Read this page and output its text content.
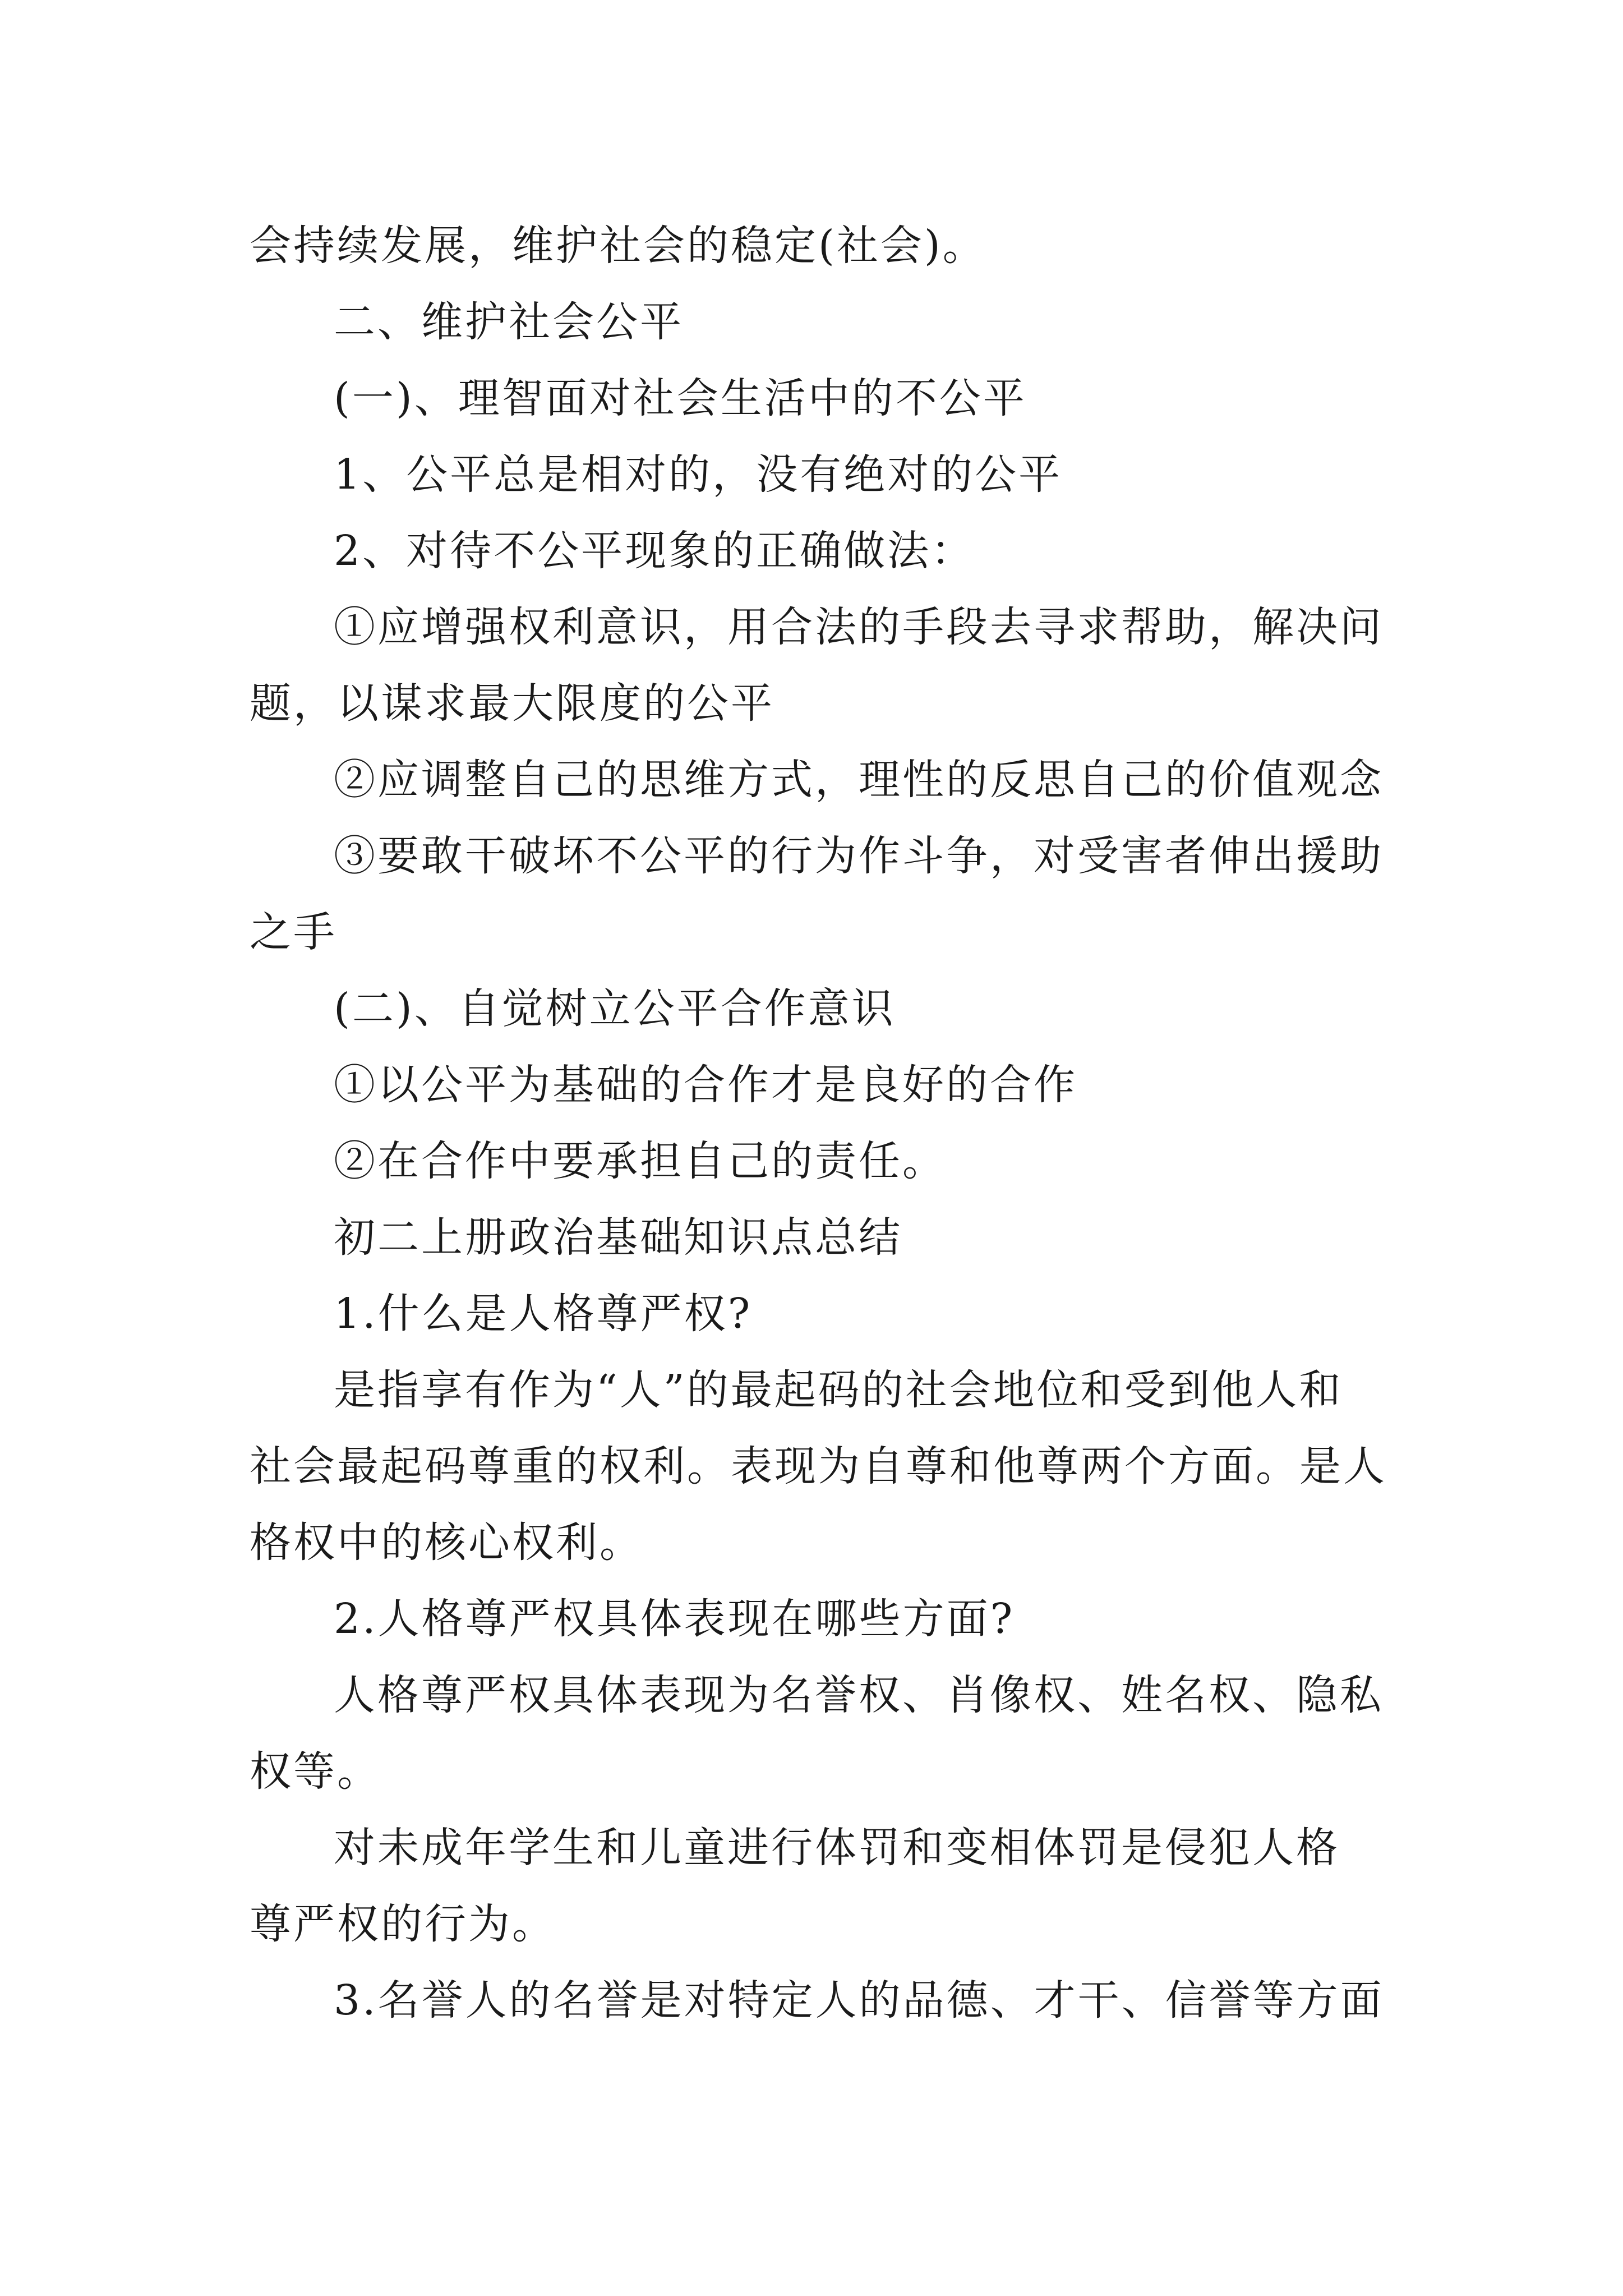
会持续发展，维护社会的稳定(社会)。
二、维护社会公平
(一)、理智面对社会生活中的不公平
1、公平总是相对的，没有绝对的公平
2、对待不公平现象的正确做法：
①应增强权利意识，用合法的手段去寻求帮助，解决问
题，以谋求最大限度的公平
②应调整自己的思维方式，理性的反思自己的价值观念
③要敢干破坏不公平的行为作斗争，对受害者伸出援助
之手
(二)、自觉树立公平合作意识
①以公平为基础的合作才是良好的合作
②在合作中要承担自己的责任。
初二上册政治基础知识点总结
1.什么是人格尊严权?
是指享有作为“人”的最起码的社会地位和受到他人和
社会最起码尊重的权利。表现为自尊和他尊两个方面。是人
格权中的核心权利。
2.人格尊严权具体表现在哪些方面?
人格尊严权具体表现为名誉权、肖像权、姓名权、隐私
权等。
对未成年学生和儿童进行体罚和变相体罚是侵犯人格
尊严权的行为。
3.名誉人的名誉是对特定人的品德、才干、信誉等方面
